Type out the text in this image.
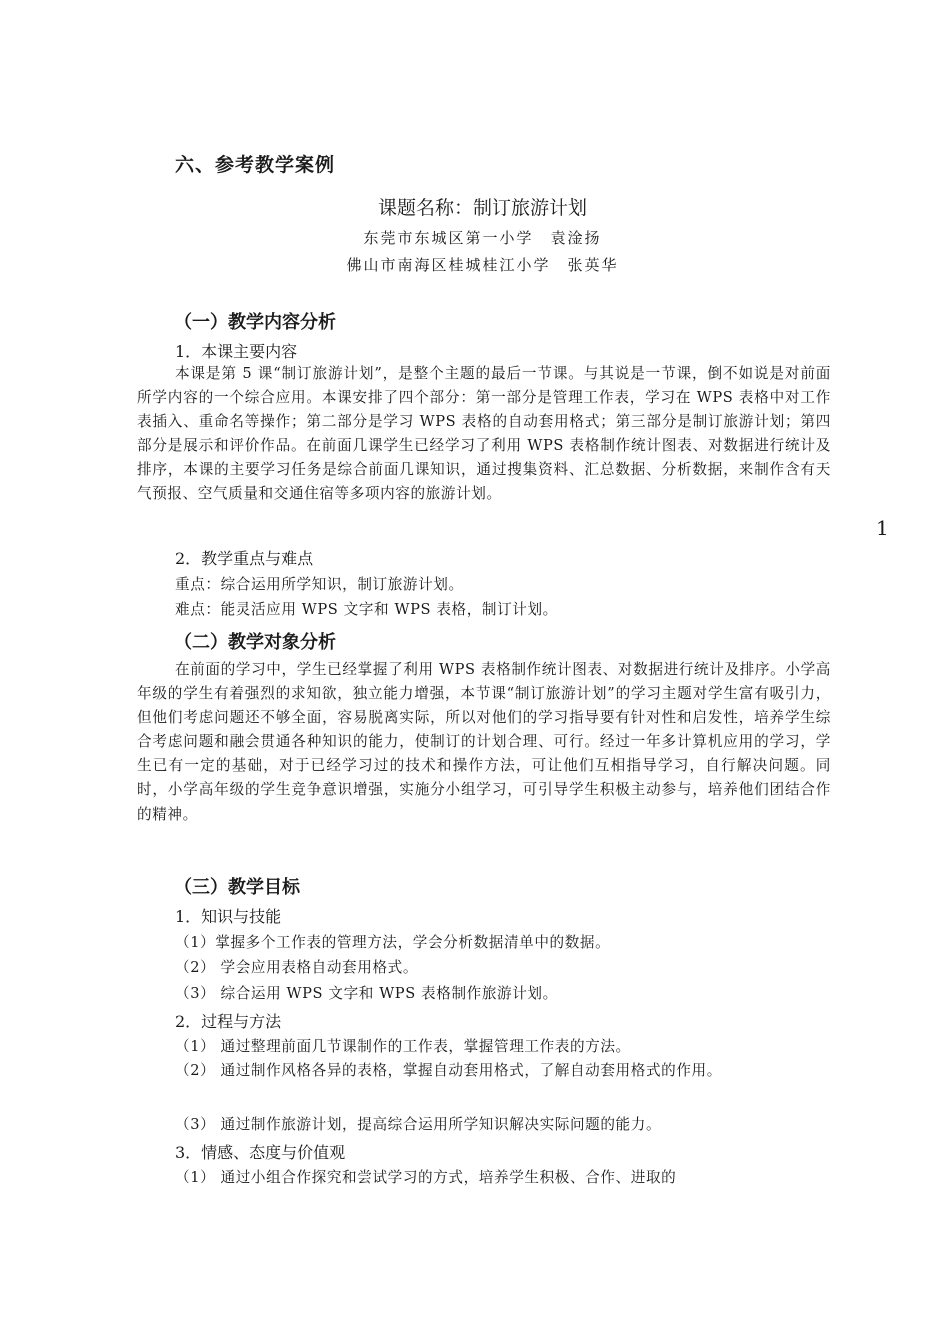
六、参考教学案例
课题名称：制订旅游计划
东莞市东城区第一小学　袁淦扬
佛山市南海区桂城桂江小学　张英华
（一）教学内容分析
1．本课主要内容

本课是第 5 课“制订旅游计划”，是整个主题的最后一节课。与其说是一节课，倒不如说是对前面所学内容的一个综合应用。本课安排了四个部分：第一部分是管理工作表，学习在 WPS 表格中对工作表插入、重命名等操作；第二部分是学习 WPS 表格的自动套用格式；第三部分是制订旅游计划；第四部分是展示和评价作品。在前面几课学生已经学习了利用 WPS 表格制作统计图表、对数据进行统计及排序，本课的主要学习任务是综合前面几课知识，通过搜集资料、汇总数据、分析数据，来制作含有天气预报、空气质量和交通住宿等多项内容的旅游计划。

2．教学重点与难点
重点：综合运用所学知识，制订旅游计划。
难点：能灵活应用 WPS 文字和 WPS 表格，制订计划。
（二）教学对象分析

在前面的学习中，学生已经掌握了利用 WPS 表格制作统计图表、对数据进行统计及排序。小学高年级的学生有着强烈的求知欲，独立能力增强，本节课“制订旅游计划”的学习主题对学生富有吸引力，但他们考虑问题还不够全面，容易脱离实际，所以对他们的学习指导要有针对性和启发性，培养学生综合考虑问题和融会贯通各种知识的能力，使制订的计划合理、可行。经过一年多计算机应用的学习，学生已有一定的基础，对于已经学习过的技术和操作方法，可让他们互相指导学习，自行解决问题。同时，小学高年级的学生竞争意识增强，实施分小组学习，可引导学生积极主动参与，培养他们团结合作的精神。

（三）教学目标
1．知识与技能
（1）掌握多个工作表的管理方法，学会分析数据清单中的数据。
（2） 学会应用表格自动套用格式。
（3） 综合运用 WPS 文字和 WPS 表格制作旅游计划。
2．过程与方法
（1） 通过整理前面几节课制作的工作表，掌握管理工作表的方法。

（2） 通过制作风格各异的表格，掌握自动套用格式，了解自动套用格式的作用。

（3） 通过制作旅游计划，提高综合运用所学知识解决实际问题的能力。
3．情感、态度与价值观
（1） 通过小组合作探究和尝试学习的方式，培养学生积极、合作、进取的
1
